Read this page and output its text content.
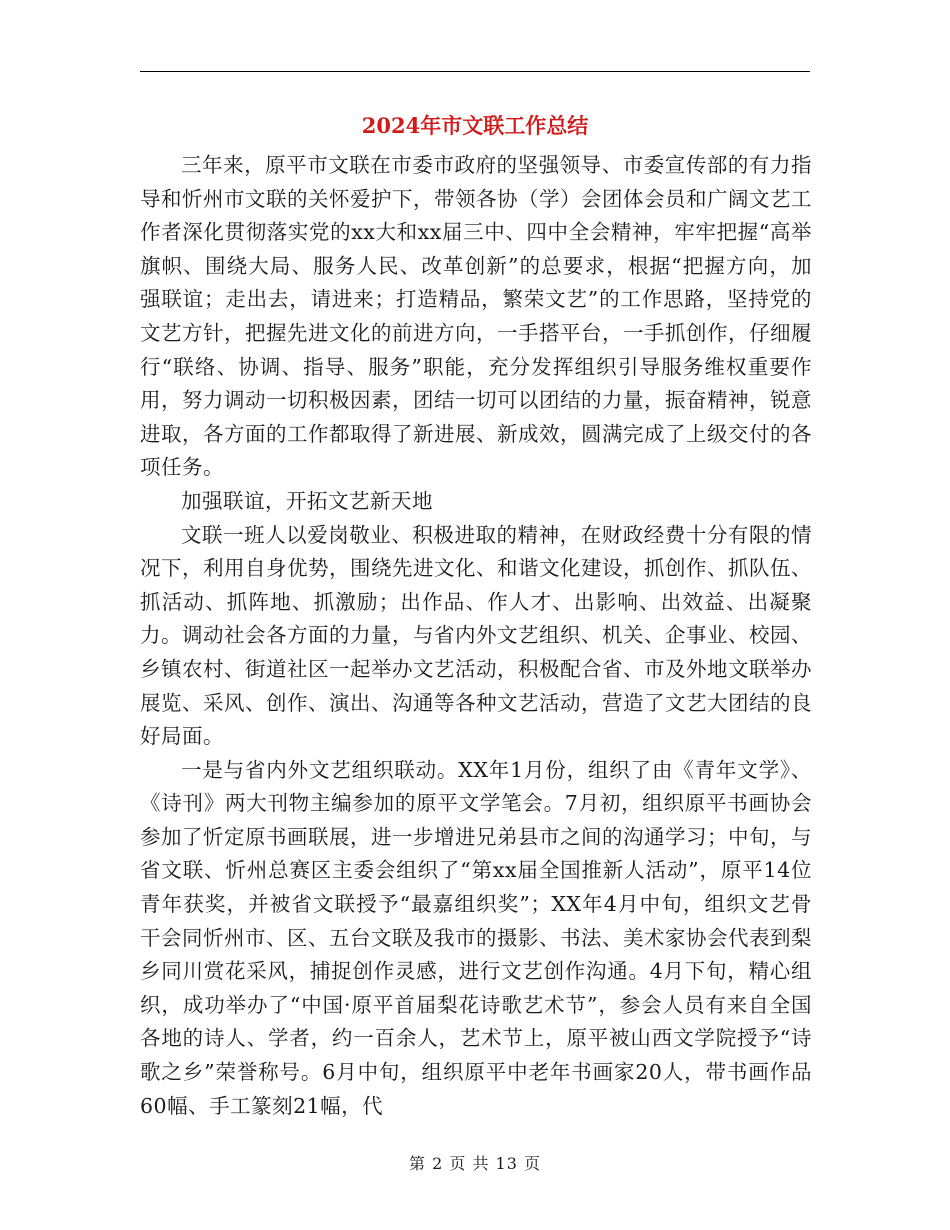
2024年市文联工作总结

三年来，原平市文联在市委市政府的坚强领导、市委宣传部的有力指导和忻州市文联的关怀爱护下，带领各协（学）会团体会员和广阔文艺工作者深化贯彻落实党的xx大和xx届三中、四中全会精神，牢牢把握“高举旗帜、围绕大局、服务人民、改革创新”的总要求，根据“把握方向，加强联谊；走出去，请进来；打造精品，繁荣文艺”的工作思路，坚持党的文艺方针，把握先进文化的前进方向，一手搭平台，一手抓创作，仔细履行“联络、协调、指导、服务”职能，充分发挥组织引导服务维权重要作用，努力调动一切积极因素，团结一切可以团结的力量，振奋精神，锐意进取，各方面的工作都取得了新进展、新成效，圆满完成了上级交付的各项任务。

加强联谊，开拓文艺新天地

文联一班人以爱岗敬业、积极进取的精神，在财政经费十分有限的情况下，利用自身优势，围绕先进文化、和谐文化建设，抓创作、抓队伍、抓活动、抓阵地、抓激励；出作品、作人才、出影响、出效益、出凝聚力。调动社会各方面的力量，与省内外文艺组织、机关、企事业、校园、乡镇农村、街道社区一起举办文艺活动，积极配合省、市及外地文联举办展览、采风、创作、演出、沟通等各种文艺活动，营造了文艺大团结的良好局面。

一是与省内外文艺组织联动。XX年1月份，组织了由《青年文学》、《诗刊》两大刊物主编参加的原平文学笔会。7月初，组织原平书画协会参加了忻定原书画联展，进一步增进兄弟县市之间的沟通学习；中旬，与省文联、忻州总赛区主委会组织了“第xx届全国推新人活动”，原平14位青年获奖，并被省文联授予“最嘉组织奖”；XX年4月中旬，组织文艺骨干会同忻州市、区、五台文联及我市的摄影、书法、美术家协会代表到梨乡同川赏花采风，捕捉创作灵感，进行文艺创作沟通。4月下旬，精心组织，成功举办了“中国·原平首届梨花诗歌艺术节”，参会人员有来自全国各地的诗人、学者，约一百余人，艺术节上，原平被山西文学院授予“诗歌之乡”荣誉称号。6月中旬，组织原平中老年书画家20人，带书画作品60幅、手工篆刻21幅，代

第 2 页 共 13 页
